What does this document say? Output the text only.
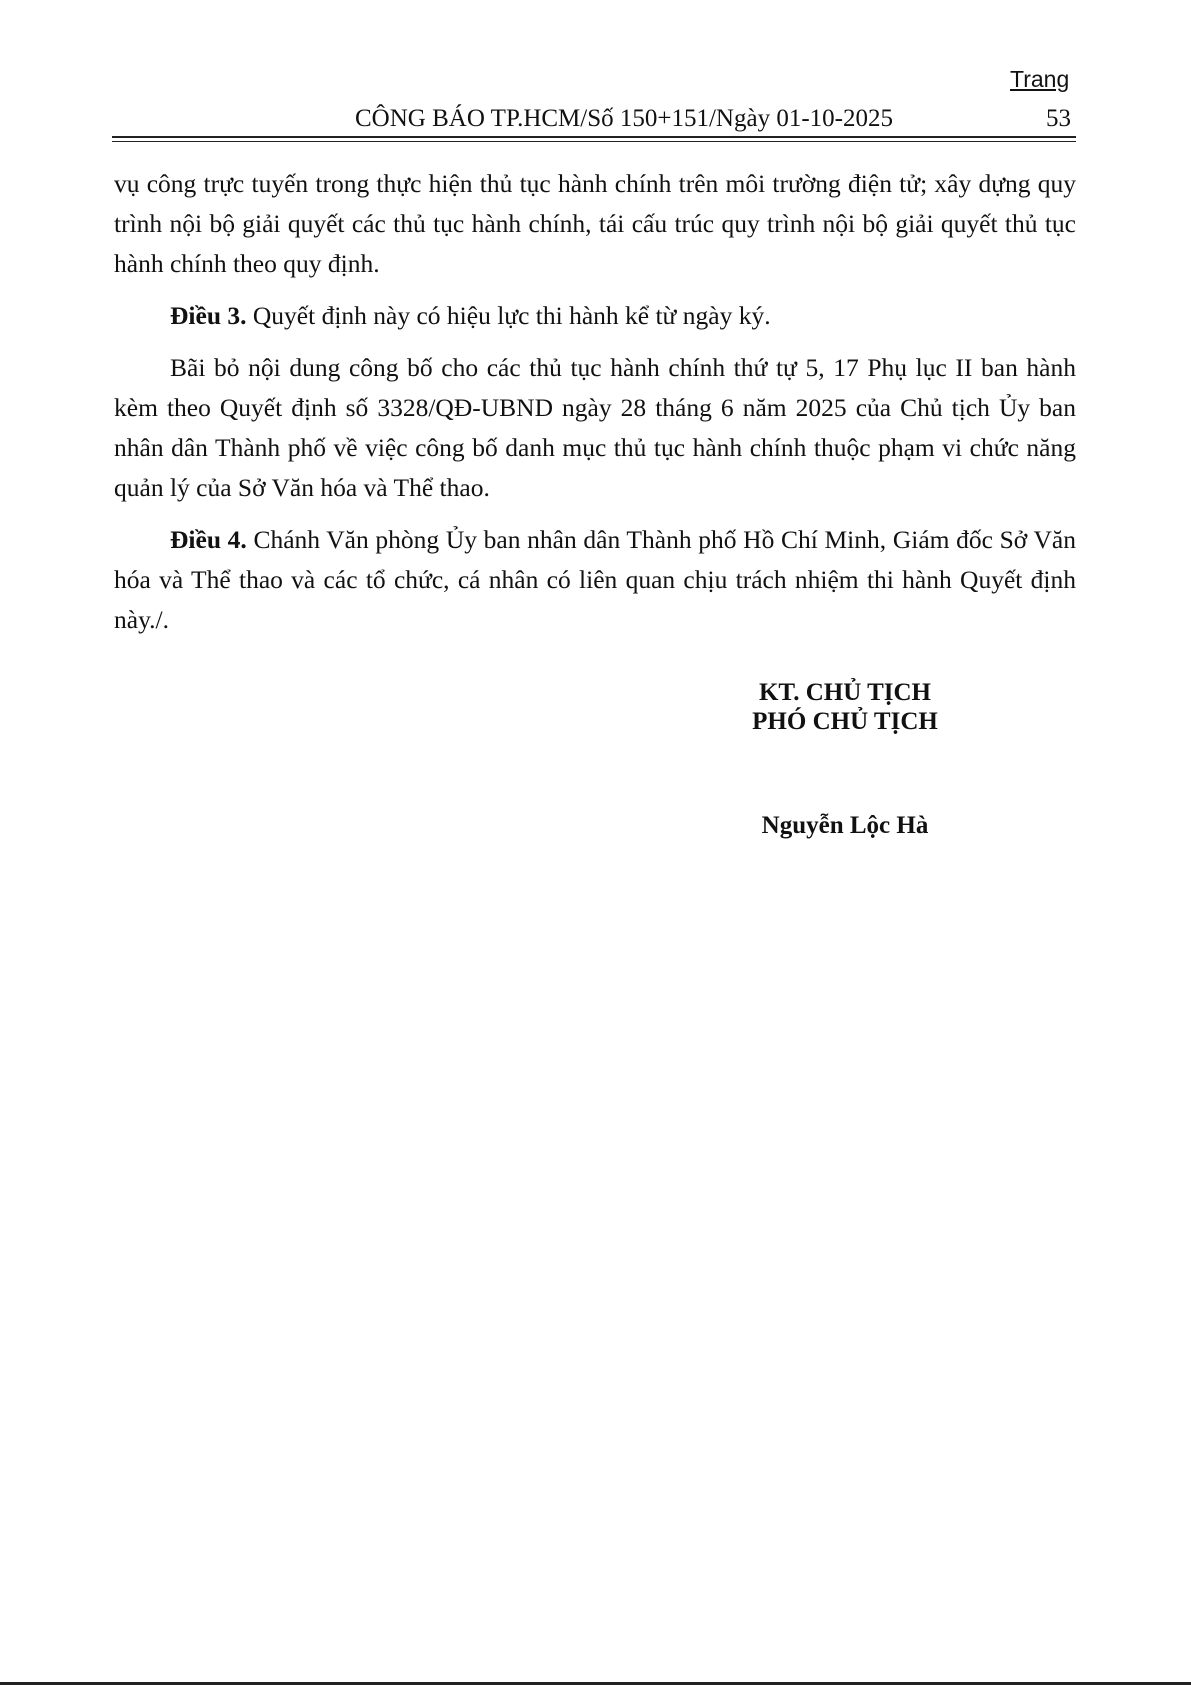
Trang
CÔNG BÁO TP.HCM/Số 150+151/Ngày 01-10-2025	53

vụ công trực tuyến trong thực hiện thủ tục hành chính trên môi trường điện tử; xây dựng quy trình nội bộ giải quyết các thủ tục hành chính, tái cấu trúc quy trình nội bộ giải quyết thủ tục hành chính theo quy định.

Điều 3. Quyết định này có hiệu lực thi hành kể từ ngày ký.

Bãi bỏ nội dung công bố cho các thủ tục hành chính thứ tự 5, 17 Phụ lục II ban hành kèm theo Quyết định số 3328/QĐ-UBND ngày 28 tháng 6 năm 2025 của Chủ tịch Ủy ban nhân dân Thành phố về việc công bố danh mục thủ tục hành chính thuộc phạm vi chức năng quản lý của Sở Văn hóa và Thể thao.

Điều 4. Chánh Văn phòng Ủy ban nhân dân Thành phố Hồ Chí Minh, Giám đốc Sở Văn hóa và Thể thao và các tổ chức, cá nhân có liên quan chịu trách nhiệm thi hành Quyết định này./.

KT. CHỦ TỊCH
PHÓ CHỦ TỊCH
Nguyễn Lộc Hà
